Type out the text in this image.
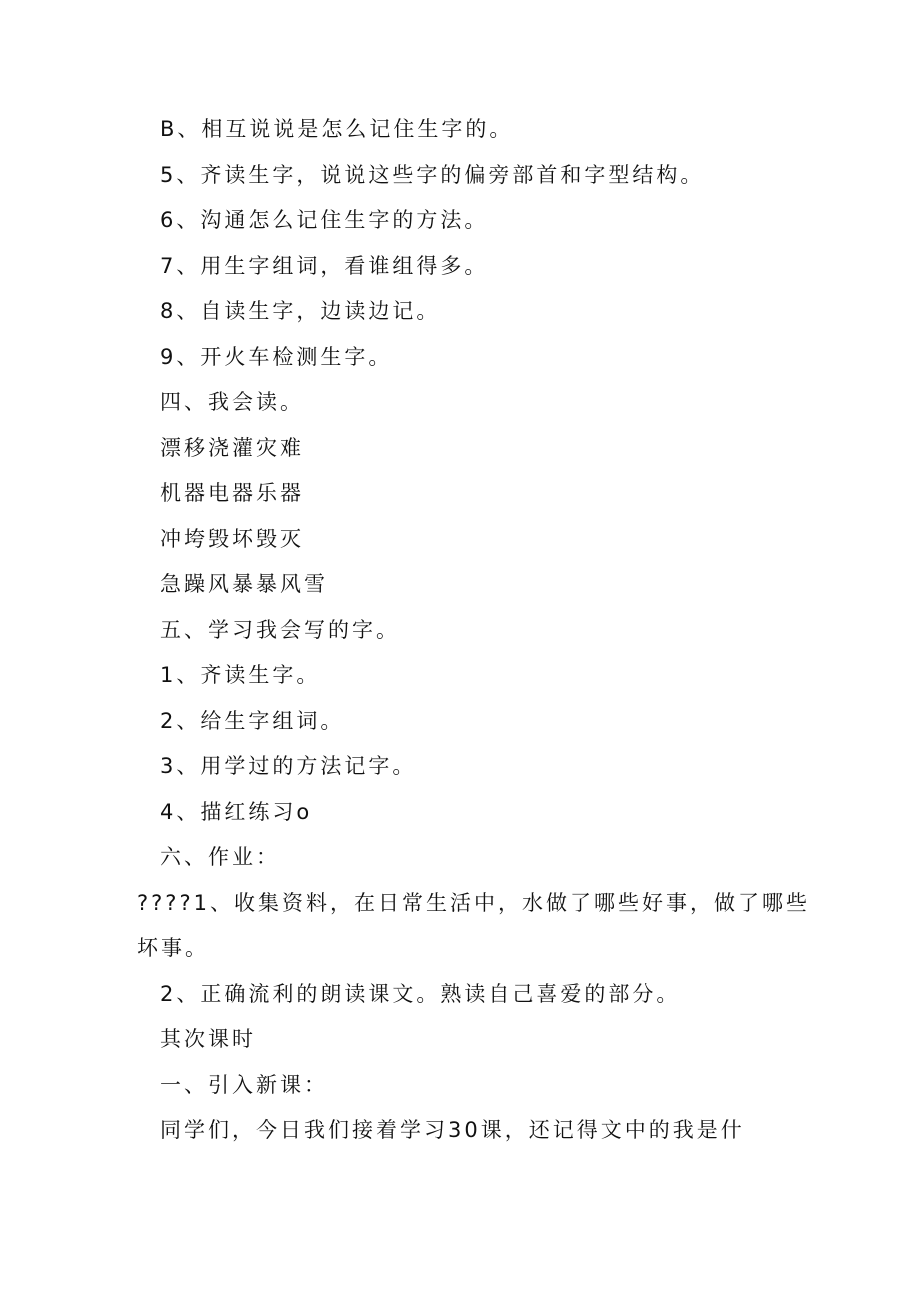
B、相互说说是怎么记住生字的。
5、齐读生字，说说这些字的偏旁部首和字型结构。
6、沟通怎么记住生字的方法。
7、用生字组词，看谁组得多。
8、自读生字，边读边记。
9、开火车检测生字。
四、我会读。
漂移浇灌灾难
机器电器乐器
冲垮毁坏毁灭
急躁风暴暴风雪
五、学习我会写的字。
1、齐读生字。
2、给生字组词。
3、用学过的方法记字。
4、描红练习o
六、作业：
????1、收集资料，在日常生活中，水做了哪些好事，做了哪些
坏事。
2、正确流利的朗读课文。熟读自己喜爱的部分。
其次课时
一、引入新课：
同学们，今日我们接着学习30课，还记得文中的我是什
